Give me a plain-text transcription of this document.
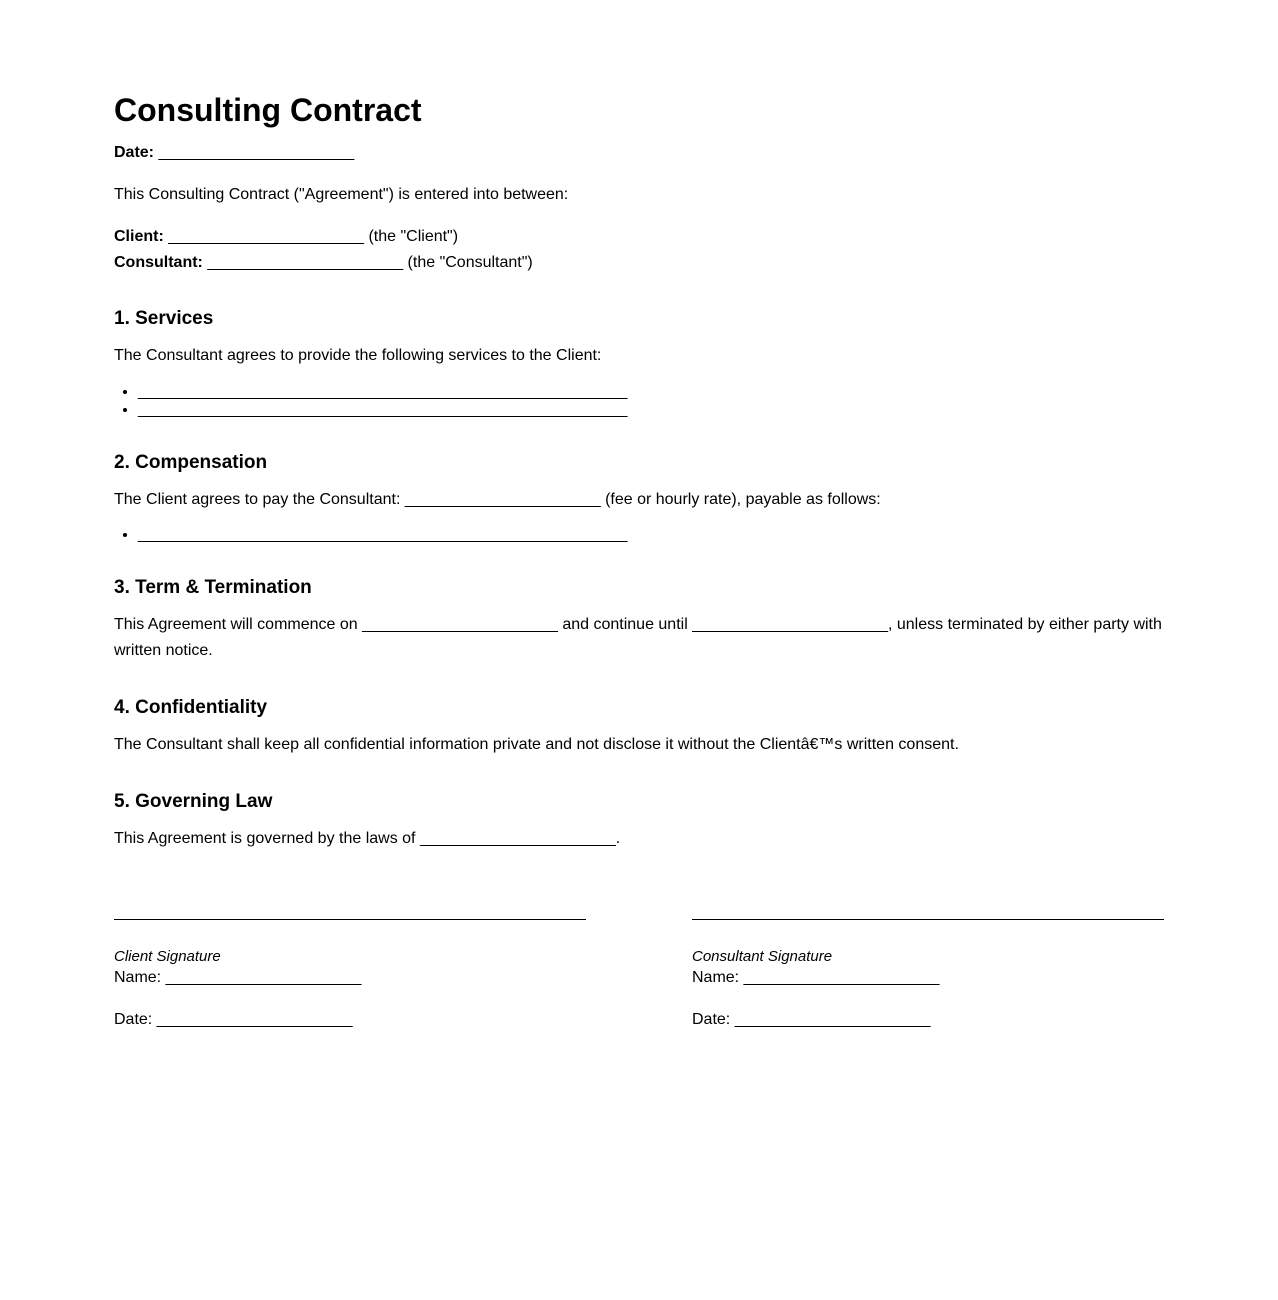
Consulting Contract
Date: ______________________

This Consulting Contract ("Agreement") is entered into between:

Client: ______________________ (the "Client")
Consultant: ______________________ (the "Consultant")
1. Services

The Consultant agrees to provide the following services to the Client:

• _______________________________________________________
• _______________________________________________________
2. Compensation

The Client agrees to pay the Consultant: ______________________ (fee or hourly rate), payable as follows:

• _______________________________________________________
3. Term & Termination

This Agreement will commence on ______________________ and continue until ______________________, unless terminated by either party with written notice.

4. Confidentiality

The Consultant shall keep all confidential information private and not disclose it without the Clientâ€™s written consent.

5. Governing Law

This Agreement is governed by the laws of ______________________.

Client Signature
Name: ______________________
Date: ______________________
Consultant Signature
Name: ______________________
Date: ______________________
